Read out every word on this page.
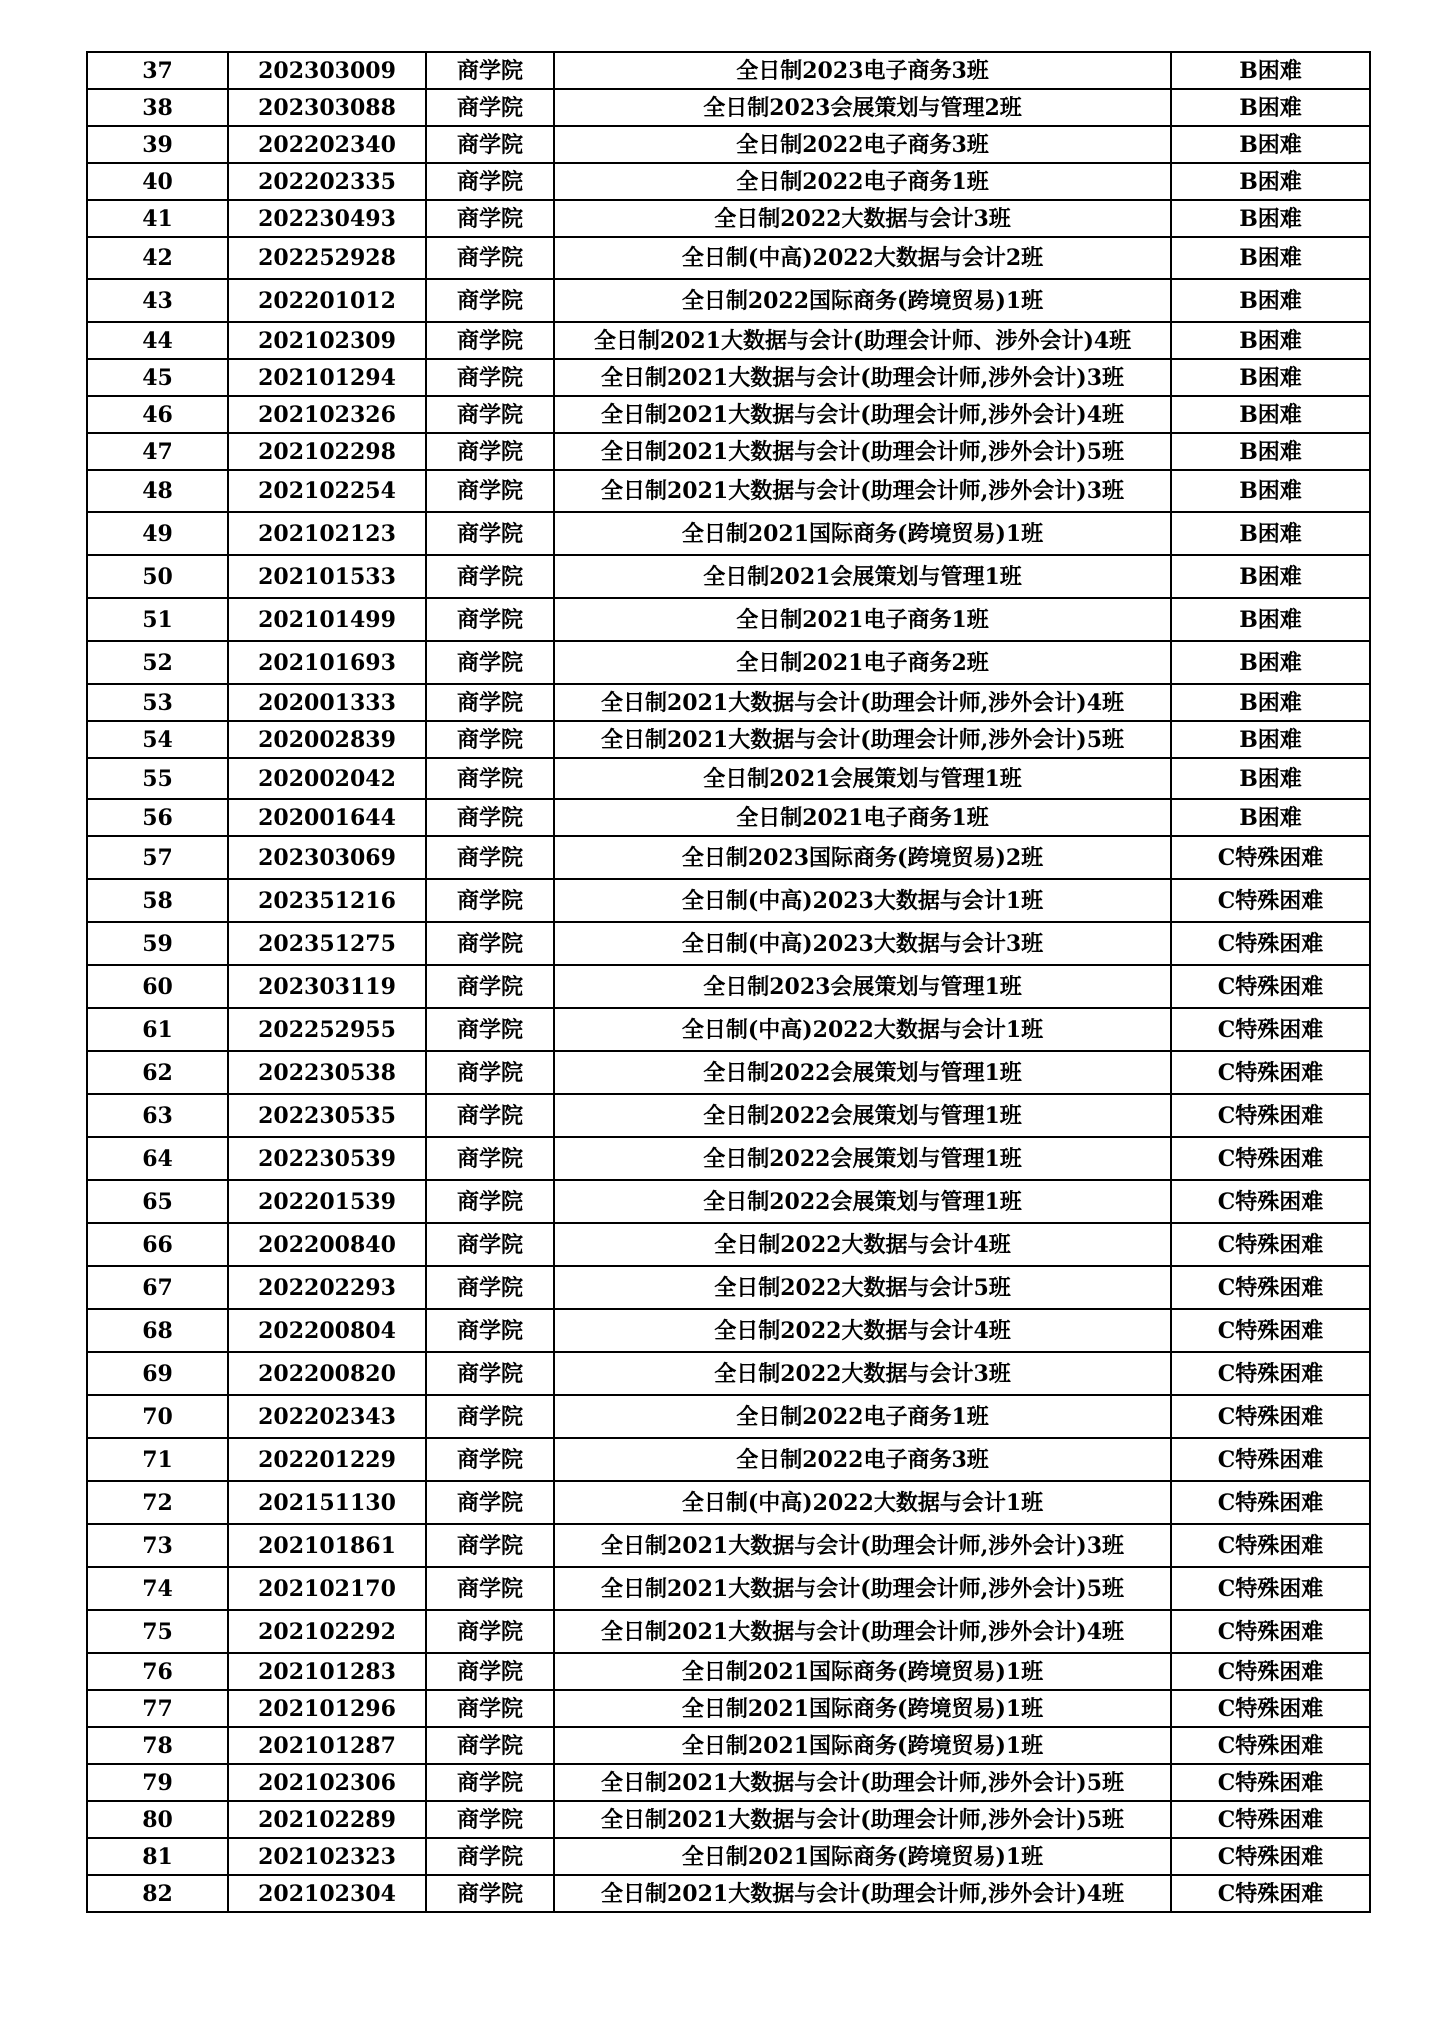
37	202303009	商学院	全日制2023电子商务3班	B困难
38	202303088	商学院	全日制2023会展策划与管理2班	B困难
39	202202340	商学院	全日制2022电子商务3班	B困难
40	202202335	商学院	全日制2022电子商务1班	B困难
41	202230493	商学院	全日制2022大数据与会计3班	B困难
42	202252928	商学院	全日制(中高)2022大数据与会计2班	B困难
43	202201012	商学院	全日制2022国际商务(跨境贸易)1班	B困难
44	202102309	商学院	全日制2021大数据与会计(助理会计师、涉外会计)4班	B困难
45	202101294	商学院	全日制2021大数据与会计(助理会计师,涉外会计)3班	B困难
46	202102326	商学院	全日制2021大数据与会计(助理会计师,涉外会计)4班	B困难
47	202102298	商学院	全日制2021大数据与会计(助理会计师,涉外会计)5班	B困难
48	202102254	商学院	全日制2021大数据与会计(助理会计师,涉外会计)3班	B困难
49	202102123	商学院	全日制2021国际商务(跨境贸易)1班	B困难
50	202101533	商学院	全日制2021会展策划与管理1班	B困难
51	202101499	商学院	全日制2021电子商务1班	B困难
52	202101693	商学院	全日制2021电子商务2班	B困难
53	202001333	商学院	全日制2021大数据与会计(助理会计师,涉外会计)4班	B困难
54	202002839	商学院	全日制2021大数据与会计(助理会计师,涉外会计)5班	B困难
55	202002042	商学院	全日制2021会展策划与管理1班	B困难
56	202001644	商学院	全日制2021电子商务1班	B困难
57	202303069	商学院	全日制2023国际商务(跨境贸易)2班	C特殊困难
58	202351216	商学院	全日制(中高)2023大数据与会计1班	C特殊困难
59	202351275	商学院	全日制(中高)2023大数据与会计3班	C特殊困难
60	202303119	商学院	全日制2023会展策划与管理1班	C特殊困难
61	202252955	商学院	全日制(中高)2022大数据与会计1班	C特殊困难
62	202230538	商学院	全日制2022会展策划与管理1班	C特殊困难
63	202230535	商学院	全日制2022会展策划与管理1班	C特殊困难
64	202230539	商学院	全日制2022会展策划与管理1班	C特殊困难
65	202201539	商学院	全日制2022会展策划与管理1班	C特殊困难
66	202200840	商学院	全日制2022大数据与会计4班	C特殊困难
67	202202293	商学院	全日制2022大数据与会计5班	C特殊困难
68	202200804	商学院	全日制2022大数据与会计4班	C特殊困难
69	202200820	商学院	全日制2022大数据与会计3班	C特殊困难
70	202202343	商学院	全日制2022电子商务1班	C特殊困难
71	202201229	商学院	全日制2022电子商务3班	C特殊困难
72	202151130	商学院	全日制(中高)2022大数据与会计1班	C特殊困难
73	202101861	商学院	全日制2021大数据与会计(助理会计师,涉外会计)3班	C特殊困难
74	202102170	商学院	全日制2021大数据与会计(助理会计师,涉外会计)5班	C特殊困难
75	202102292	商学院	全日制2021大数据与会计(助理会计师,涉外会计)4班	C特殊困难
76	202101283	商学院	全日制2021国际商务(跨境贸易)1班	C特殊困难
77	202101296	商学院	全日制2021国际商务(跨境贸易)1班	C特殊困难
78	202101287	商学院	全日制2021国际商务(跨境贸易)1班	C特殊困难
79	202102306	商学院	全日制2021大数据与会计(助理会计师,涉外会计)5班	C特殊困难
80	202102289	商学院	全日制2021大数据与会计(助理会计师,涉外会计)5班	C特殊困难
81	202102323	商学院	全日制2021国际商务(跨境贸易)1班	C特殊困难
82	202102304	商学院	全日制2021大数据与会计(助理会计师,涉外会计)4班	C特殊困难
